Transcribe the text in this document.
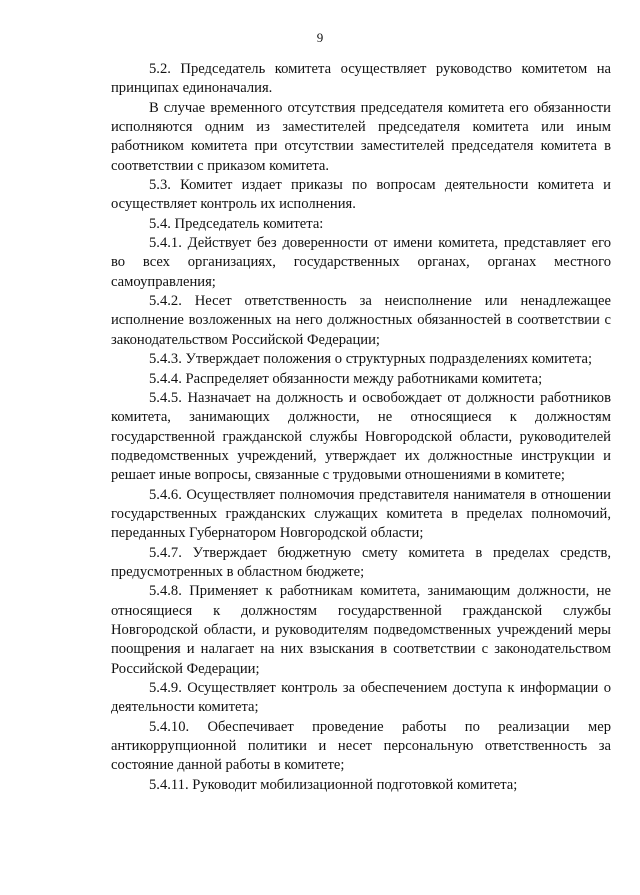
9

5.2. Председатель комитета осуществляет руководство комитетом на принципах единоначалия.

В случае временного отсутствия председателя комитета его обязанности исполняются одним из заместителей председателя комитета или иным работником комитета при отсутствии заместителей председателя комитета в соответствии с приказом комитета.

5.3. Комитет издает приказы по вопросам деятельности комитета и осуществляет контроль их исполнения.

5.4. Председатель комитета:

5.4.1. Действует без доверенности от имени комитета, представляет его во всех организациях, государственных органах, органах местного самоуправления;

5.4.2. Несет ответственность за неисполнение или ненадлежащее исполнение возложенных на него должностных обязанностей в соответствии с законодательством Российской Федерации;

5.4.3. Утверждает положения о структурных подразделениях комитета;

5.4.4. Распределяет обязанности между работниками комитета;

5.4.5. Назначает на должность и освобождает от должности работников комитета, занимающих должности, не относящиеся к должностям государственной гражданской службы Новгородской области, руководителей подведомственных учреждений, утверждает их должностные инструкции и решает иные вопросы, связанные с трудовыми отношениями в комитете;

5.4.6. Осуществляет полномочия представителя нанимателя в отношении государственных гражданских служащих комитета в пределах полномочий, переданных Губернатором Новгородской области;

5.4.7. Утверждает бюджетную смету комитета в пределах средств, предусмотренных в областном бюджете;

5.4.8. Применяет к работникам комитета, занимающим должности, не относящиеся к должностям государственной гражданской службы Новгородской области, и руководителям подведомственных учреждений меры поощрения и налагает на них взыскания в соответствии с законодательством Российской Федерации;

5.4.9. Осуществляет контроль за обеспечением доступа к информации о деятельности комитета;

5.4.10. Обеспечивает проведение работы по реализации мер антикоррупционной политики и несет персональную ответственность за состояние данной работы в комитете;

5.4.11. Руководит мобилизационной подготовкой комитета;
